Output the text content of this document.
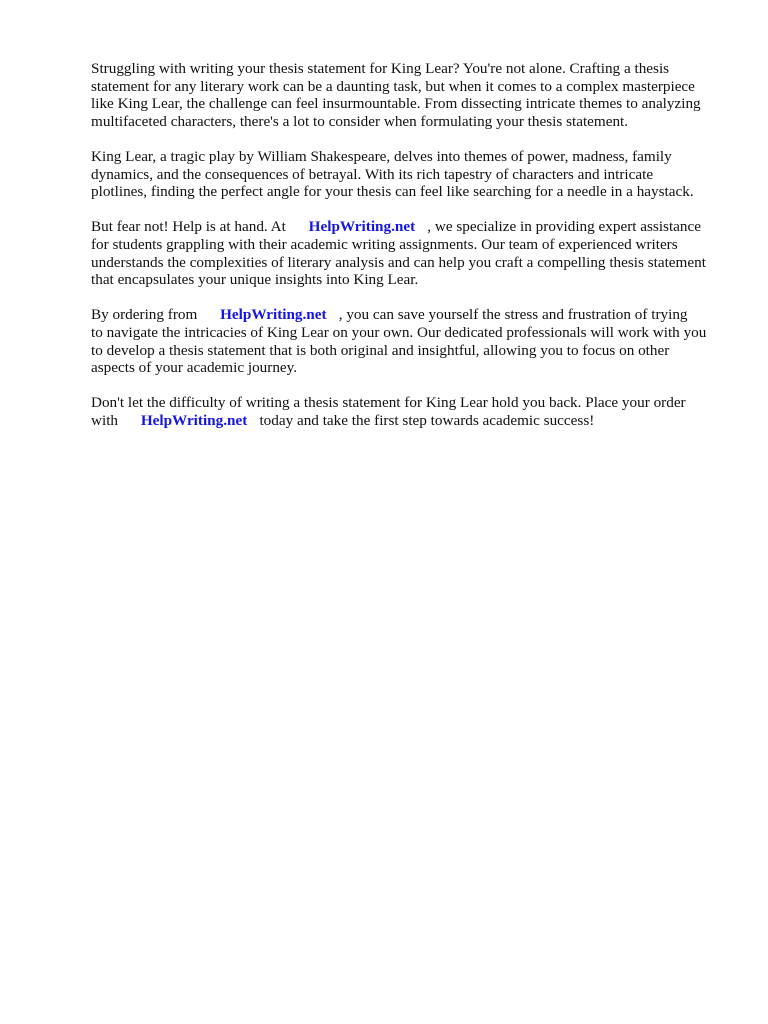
Struggling with writing your thesis statement for King Lear? You're not alone. Crafting a thesis
statement for any literary work can be a daunting task, but when it comes to a complex masterpiece
like King Lear, the challenge can feel insurmountable. From dissecting intricate themes to analyzing
multifaceted characters, there's a lot to consider when formulating your thesis statement.

King Lear, a tragic play by William Shakespeare, delves into themes of power, madness, family
dynamics, and the consequences of betrayal. With its rich tapestry of characters and intricate
plotlines, finding the perfect angle for your thesis can feel like searching for a needle in a haystack.

But fear not! Help is at hand. At HelpWriting.net , we specialize in providing expert assistance
for students grappling with their academic writing assignments. Our team of experienced writers
understands the complexities of literary analysis and can help you craft a compelling thesis statement
that encapsulates your unique insights into King Lear.

By ordering from HelpWriting.net , you can save yourself the stress and frustration of trying
to navigate the intricacies of King Lear on your own. Our dedicated professionals will work with you
to develop a thesis statement that is both original and insightful, allowing you to focus on other
aspects of your academic journey.

Don't let the difficulty of writing a thesis statement for King Lear hold you back. Place your order
with HelpWriting.net today and take the first step towards academic success!
